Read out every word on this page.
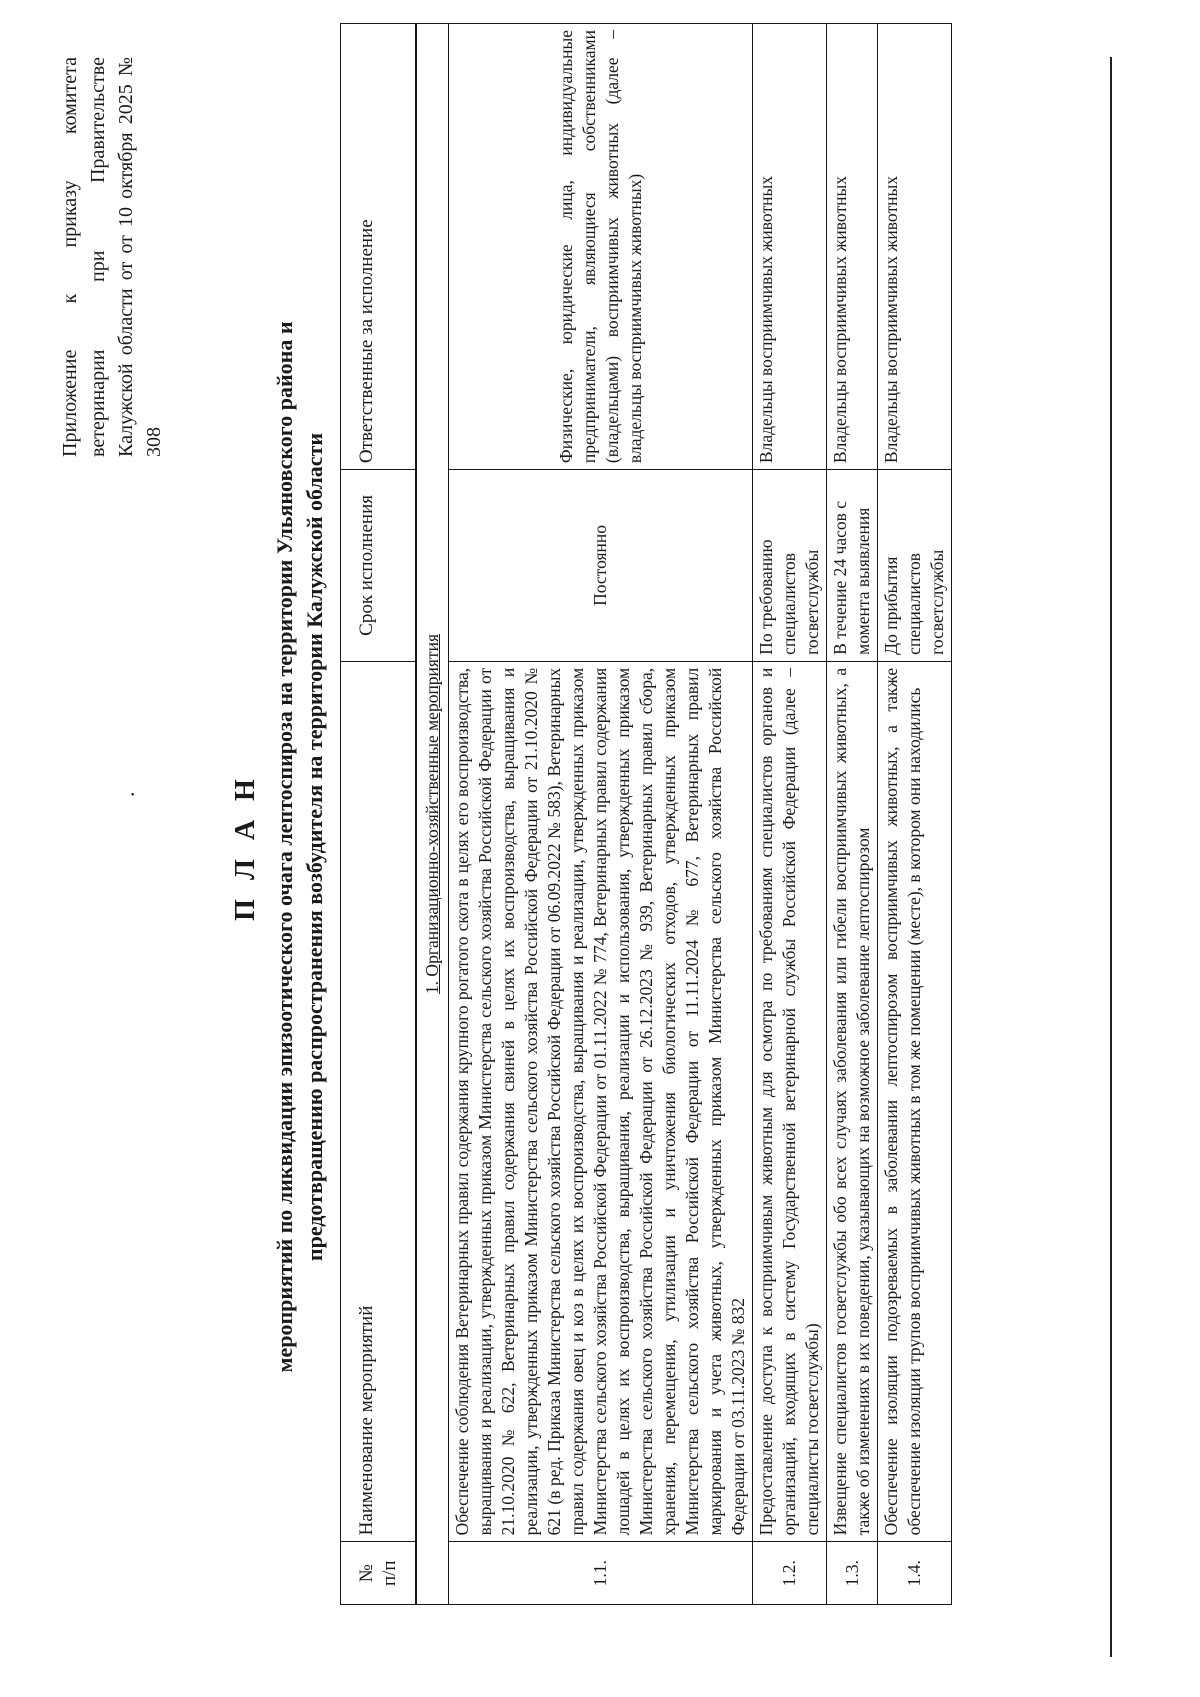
.
Приложение к приказу комитета ветеринарии при Правительстве Калужской области от от 10 октября 2025 № 308
П Л А Н мероприятий по ликвидации эпизоотического очага лептоспироза на территории Ульяновского района и предотвращению распространения возбудителя на территории Калужской области
№ п/п	Наименование мероприятий	Срок исполнения	Ответственные за исполнение
1. Организационно-хозяйственные мероприятия			
1.1.	Обеспечение соблюдения Ветеринарных правил содержания крупного рогатого скота в целях его воспроизводства, выращивания и реализации, утвержденных приказом Министерства сельского хозяйства Российской Федерации от 21.10.2020 № 622, Ветеринарных правил содержания свиней в целях их воспроизводства, выращивания и реализации, утвержденных приказом Министерства сельского хозяйства Российской Федерации от 21.10.2020 № 621 (в ред. Приказа Министерства сельского хозяйства Российской Федерации от 06.09.2022 № 583), Ветеринарных правил содержания овец и коз в целях их воспроизводства, выращивания и реализации, утвержденных приказом Министерства сельского хозяйства Российской Федерации от 01.11.2022 № 774, Ветеринарных правил содержания лошадей в целях их воспроизводства, выращивания, реализации и использования, утвержденных приказом Министерства сельского хозяйства Российской Федерации от 26.12.2023 № 939, Ветеринарных правил сбора, хранения, перемещения, утилизации и уничтожения биологических отходов, утвержденных приказом Министерства сельского хозяйства Российской Федерации от 11.11.2024 № 677, Ветеринарных правил маркирования и учета животных, утвержденных приказом Министерства сельского хозяйства Российской Федерации от 03.11.2023 № 832	Постоянно	Физические, юридические лица, индивидуальные предприниматели, являющиеся собственниками (владельцами) восприимчивых животных (далее – владельцы восприимчивых животных)
1.2.	Предоставление доступа к восприимчивым животным для осмотра по требованиям специалистов органов и организаций, входящих в систему Государственной ветеринарной службы Российской Федерации (далее – специалисты госветслужбы)	По требованию специалистов госветслужбы	Владельцы восприимчивых животных
1.3.	Извещение специалистов госветслужбы обо всех случаях заболевания или гибели восприимчивых животных, а также об изменениях в их поведении, указывающих на возможное заболевание лептоспирозом	В течение 24 часов с момента выявления	Владельцы восприимчивых животных
1.4.	Обеспечение изоляции подозреваемых в заболевании лептоспирозом восприимчивых животных, а также обеспечение изоляции трупов восприимчивых животных в том же помещении (месте), в котором они находились	До прибытия специалистов госветслужбы	Владельцы восприимчивых животных
